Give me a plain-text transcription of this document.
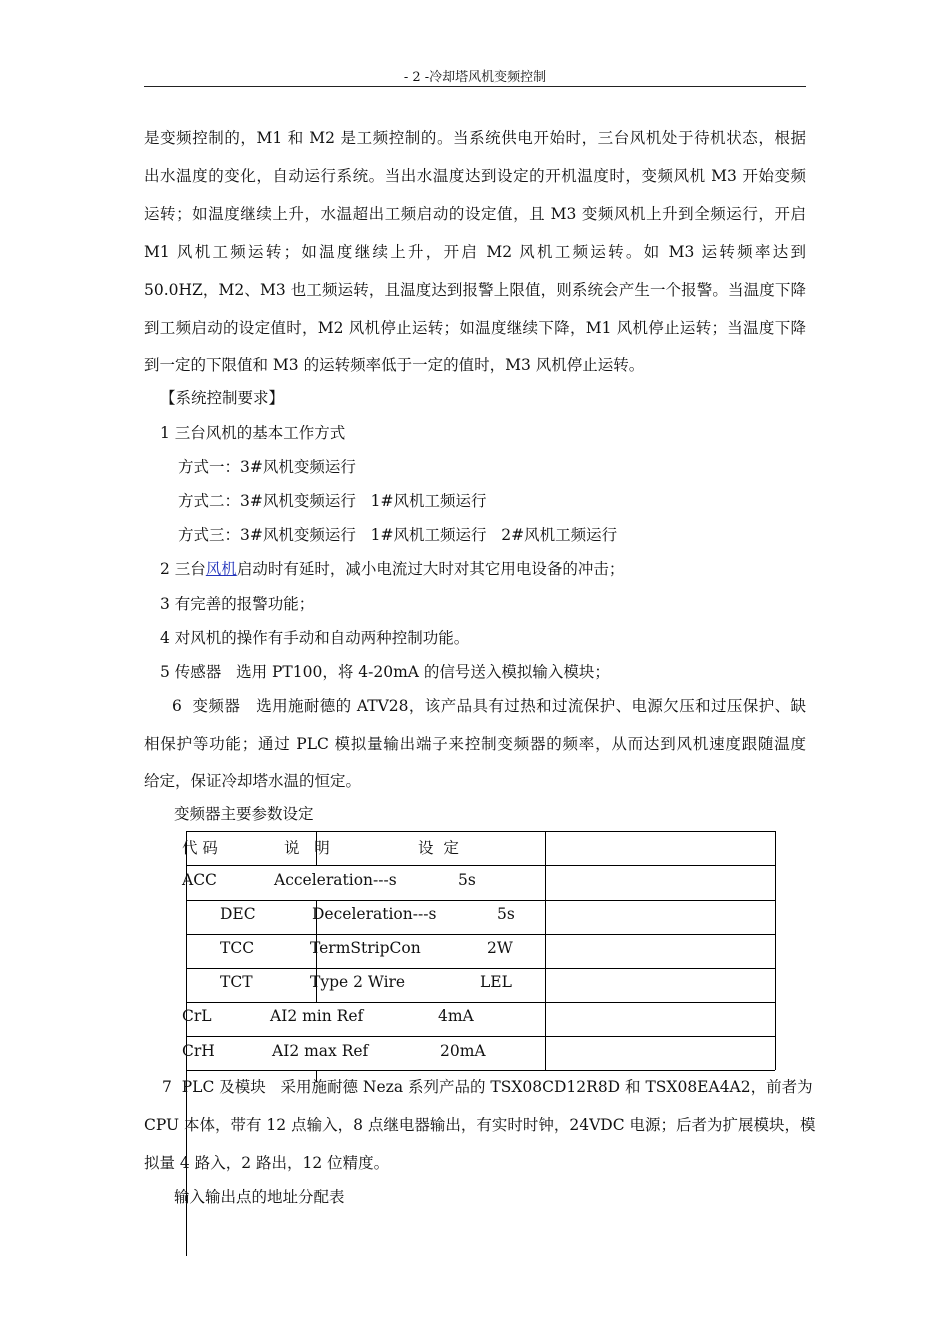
- 2 -冷却塔风机变频控制
是变频控制的，M1 和 M2 是工频控制的。当系统供电开始时，三台风机处于待机状态，根据
出水温度的变化，自动运行系统。当出水温度达到设定的开机温度时，变频风机 M3 开始变频
运转；如温度继续上升，水温超出工频启动的设定值，且 M3 变频风机上升到全频运行，开启
M1 风机工频运转；如温度继续上升，开启 M2 风机工频运转。如 M3 运转频率达到
50.0HZ，M2、M3 也工频运转，且温度达到报警上限值，则系统会产生一个报警。当温度下降
到工频启动的设定值时，M2 风机停止运转；如温度继续下降，M1 风机停止运转；当温度下降
到一定的下限值和 M3 的运转频率低于一定的值时，M3 风机停止运转。
【系统控制要求】
1 三台风机的基本工作方式
方式一：3#风机变频运行
方式二：3#风机变频运行   1#风机工频运行
方式三：3#风机变频运行   1#风机工频运行   2#风机工频运行
2 三台风机启动时有延时，减小电流过大时对其它用电设备的冲击；
3 有完善的报警功能；
4 对风机的操作有手动和自动两种控制功能。
5 传感器   选用 PT100，将 4-20mA 的信号送入模拟输入模块；
6  变频器   选用施耐德的 ATV28，该产品具有过热和过流保护、电源欠压和过压保护、缺
相保护等功能；通过 PLC 模拟量输出端子来控制变频器的频率，从而达到风机速度跟随温度
给定，保证冷却塔水温的恒定。
变频器主要参数设定
代 码	说   明	设  定
ACC	Acceleration---s	5s
DEC	Deceleration---s	5s
TCC	TermStripCon	2W
TCT	Type 2 Wire	LEL
CrL	AI2 min Ref	4mA
CrH	AI2 max Ref	20mA
7  PLC 及模块   采用施耐德 Neza 系列产品的 TSX08CD12R8D 和 TSX08EA4A2，前者为
CPU 本体，带有 12 点输入，8 点继电器输出，有实时时钟，24VDC 电源；后者为扩展模块，模
拟量 4 路入，2 路出，12 位精度。
输入输出点的地址分配表
